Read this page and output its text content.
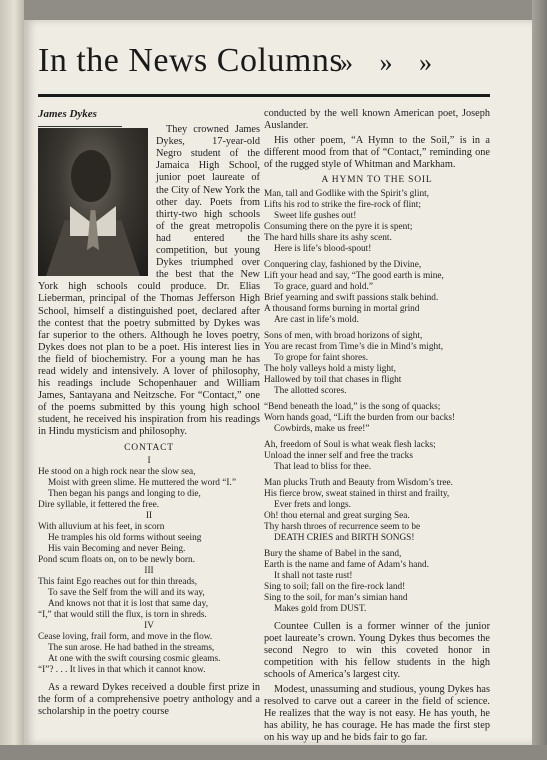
In the News Columns
» » »
James Dykes

They crowned James Dykes, 17-year-old Negro student of the Jamaica High School, junior poet laureate of the City of New York the other day. Poets from thirty-two high schools of the great metropolis had entered the competition, but young Dykes triumphed over the best that the New York high schools could produce. Dr. Elias Lieberman, principal of the Thomas Jefferson High School, himself a distinguished poet, declared after the contest that the poetry submitted by Dykes was far superior to the others. Although he loves poetry, Dykes does not plan to be a poet. His interest lies in the field of biochemistry. For a young man he has read widely and intensively. A lover of philosophy, his readings include Schopenhauer and William James, Santayana and Neitzsche. For “Contact,” one of the poems submitted by this young high school student, he received his inspiration from his readings in Hindu mysticism and philosophy.

CONTACT
I
He stood on a high rock near the slow sea,
Moist with green slime. He muttered the word “I.”
Then began his pangs and longing to die,
Dire syllable, it fettered the free.
II
With alluvium at his feet, in scorn
He tramples his old forms without seeing
His vain Becoming and never Being.
Pond scum floats on, on to be newly born.
III
This faint Ego reaches out for thin threads,
To save the Self from the will and its way,
And knows not that it is lost that same day,
“I,” that would still the flux, is torn in shreds.
IV
Cease loving, frail form, and move in the flow.
The sun arose. He had bathed in the streams,
At one with the swift coursing cosmic gleams.
“I”? . . . It lives in that which it cannot know.

As a reward Dykes received a double first prize in the form of a comprehensive poetry anthology and a scholarship in the poetry course

conducted by the well known American poet, Joseph Auslander.

His other poem, “A Hymn to the Soil,” is in a different mood from that of “Contact,” reminding one of the rugged style of Whitman and Markham.

A HYMN TO THE SOIL
Man, tall and Godlike with the Spirit’s glint,
Lifts his rod to strike the fire-rock of flint;
Sweet life gushes out!
Consuming there on the pyre it is spent;
The hard hills share its ashy scent.
Here is life’s blood-spout!
Conquering clay, fashioned by the Divine,
Lift your head and say, “The good earth is mine,
To grace, guard and hold.”
Brief yearning and swift passions stalk behind.
A thousand forms burning in mortal grind
Are cast in life’s mold.
Sons of men, with broad horizons of sight,
You are recast from Time’s die in Mind’s might,
To grope for faint shores.
The holy valleys hold a misty light,
Hallowed by toil that chases in flight
The allotted scores.
“Bend beneath the load,” is the song of quacks;
Worn hands goad, “Lift the burden from our backs!
Cowbirds, make us free!”
Ah, freedom of Soul is what weak flesh lacks;
Unload the inner self and free the tracks
That lead to bliss for thee.
Man plucks Truth and Beauty from Wisdom’s tree.
His fierce brow, sweat stained in thirst and frailty,
Ever frets and longs.
Oh! thou eternal and great surging Sea.
Thy harsh throes of recurrence seem to be
DEATH CRIES and BIRTH SONGS!
Bury the shame of Babel in the sand,
Earth is the name and fame of Adam’s hand.
It shall not taste rust!
Sing to soil; fall on the fire-rock land!
Sing to the soil, for man’s simian hand
Makes gold from DUST.

Countee Cullen is a former winner of the junior poet laureate’s crown. Young Dykes thus becomes the second Negro to win this coveted honor in competition with his fellow students in the high schools of America’s largest city.

Modest, unassuming and studious, young Dykes has resolved to carve out a career in the field of science. He realizes that the way is not easy. He has youth, he has ability, he has courage. He has made the first step on his way up and he bids fair to go far.
